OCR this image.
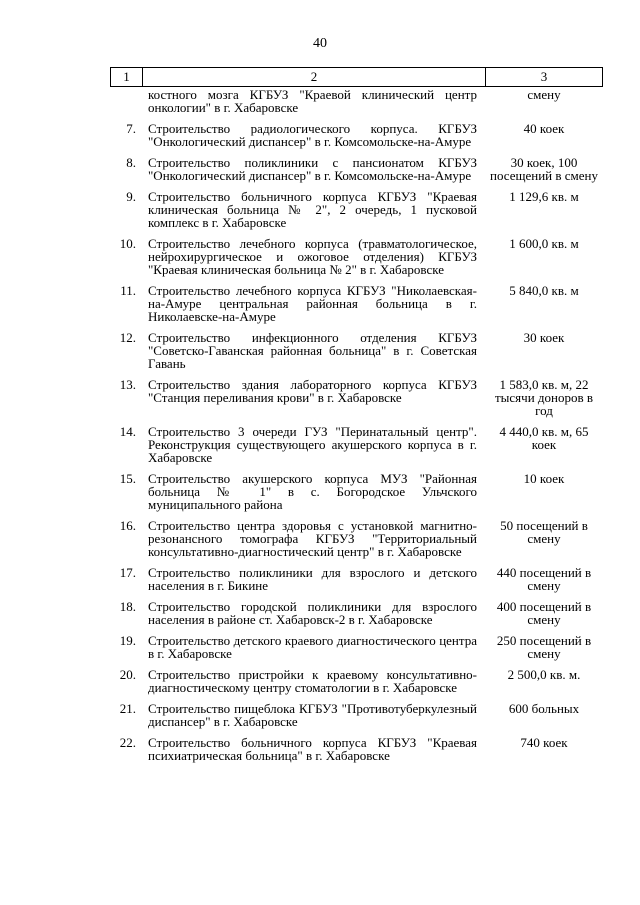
40
1	2	3
костного мозга КГБУЗ "Краевой клинический центр онкологии" в г. Хабаровске
смену
7. Строительство радиологического корпуса. КГБУЗ "Онкологический диспансер" в г. Комсомольске-на-Амуре
40 коек
8. Строительство поликлиники с пансионатом КГБУЗ "Онкологический диспансер" в г. Комсомольске-на-Амуре
30 коек, 100 посещений в смену
9. Строительство больничного корпуса КГБУЗ "Краевая клиническая больница № 2", 2 очередь, 1 пусковой комплекс в г. Хабаровске
1 129,6 кв. м
10. Строительство лечебного корпуса (травматологическое, нейрохирургическое и ожоговое отделения) КГБУЗ "Краевая клиническая больница № 2" в г. Хабаровске
1 600,0 кв. м
11. Строительство лечебного корпуса КГБУЗ "Николаевская-на-Амуре центральная районная больница в г. Николаевске-на-Амуре
5 840,0 кв. м
12. Строительство инфекционного отделения КГБУЗ "Советско-Гаванская районная больница" в г. Советская Гавань
30 коек
13. Строительство здания лабораторного корпуса КГБУЗ "Станция переливания крови" в г. Хабаровске
1 583,0 кв. м, 22 тысячи доноров в год
14. Строительство 3 очереди ГУЗ "Перинатальный центр". Реконструкция существующего акушерского корпуса в г. Хабаровске
4 440,0 кв. м, 65 коек
15. Строительство акушерского корпуса МУЗ "Районная больница № 1" в с. Богородское Ульчского муниципального района
10 коек
16. Строительство центра здоровья с установкой магнитно-резонансного томографа КГБУЗ "Территориальный консультативно-диагностический центр" в г. Хабаровске
50 посещений в смену
17. Строительство поликлиники для взрослого и детского населения в г. Бикине
440 посещений в смену
18. Строительство городской поликлиники для взрослого населения в районе ст. Хабаровск-2 в г. Хабаровске
400 посещений в смену
19. Строительство детского краевого диагностического центра в г. Хабаровске
250 посещений в смену
20. Строительство пристройки к краевому консультативно-диагностическому центру стоматологии в г. Хабаровске
2 500,0 кв. м.
21. Строительство пищеблока КГБУЗ "Противотуберкулезный диспансер" в г. Хабаровске
600 больных
22. Строительство больничного корпуса КГБУЗ "Краевая психиатрическая больница" в г. Хабаровске
740 коек
